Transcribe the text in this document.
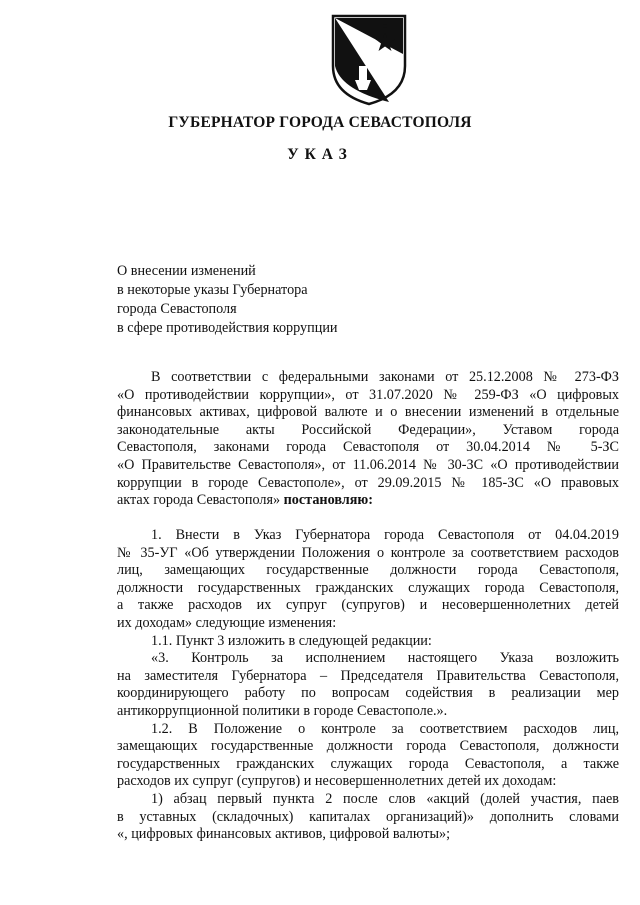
ГУБЕРНАТОР ГОРОДА СЕВАСТОПОЛЯ
УКАЗ
О внесении изменений
в некоторые указы Губернатора
города Севастополя
в сфере противодействия коррупции
В соответствии с федеральными законами от 25.12.2008 № 273-ФЗ
«О противодействии коррупции», от 31.07.2020 № 259-ФЗ «О цифровых
финансовых активах, цифровой валюте и о внесении изменений в отдельные
законодательные акты Российской Федерации», Уставом города
Севастополя, законами города Севастополя от 30.04.2014 № 5-ЗС
«О Правительстве Севастополя», от 11.06.2014 № 30-ЗС «О противодействии
коррупции в городе Севастополе», от 29.09.2015 № 185-ЗС «О правовых
актах города Севастополя» постановляю:
1. Внести в Указ Губернатора города Севастополя от 04.04.2019
№ 35-УГ «Об утверждении Положения о контроле за соответствием расходов
лиц, замещающих государственные должности города Севастополя,
должности государственных гражданских служащих города Севастополя,
а также расходов их супруг (супругов) и несовершеннолетних детей
их доходам» следующие изменения:
1.1. Пункт 3 изложить в следующей редакции:
«3. Контроль за исполнением настоящего Указа возложить
на заместителя Губернатора – Председателя Правительства Севастополя,
координирующего работу по вопросам содействия в реализации мер
антикоррупционной политики в городе Севастополе.».
1.2. В Положение о контроле за соответствием расходов лиц,
замещающих государственные должности города Севастополя, должности
государственных гражданских служащих города Севастополя, а также
расходов их супруг (супругов) и несовершеннолетних детей их доходам:
1) абзац первый пункта 2 после слов «акций (долей участия, паев
в уставных (складочных) капиталах организаций)» дополнить словами
«, цифровых финансовых активов, цифровой валюты»;
